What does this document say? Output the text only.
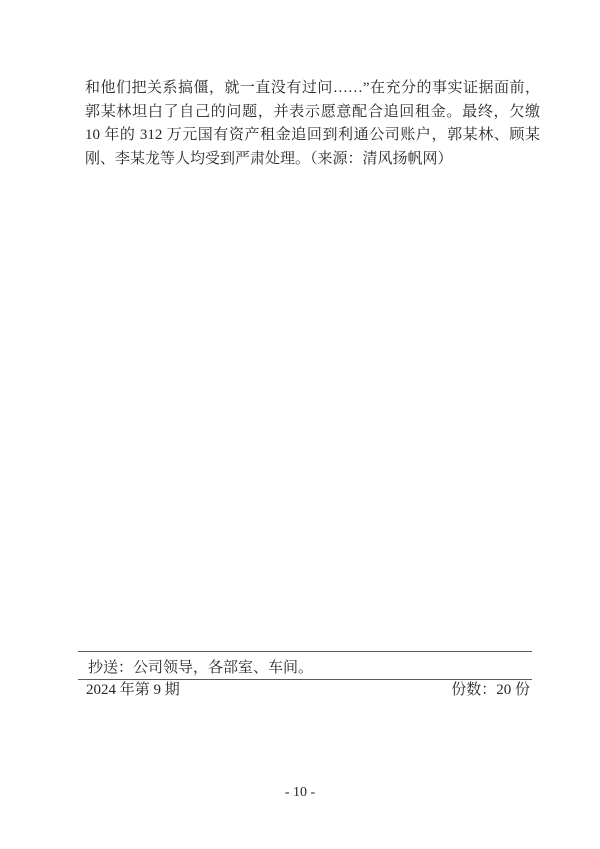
和他们把关系搞僵，就一直没有过问……”在充分的事实证据面前，
郭某林坦白了自己的问题，并表示愿意配合追回租金。最终，欠缴
10 年的 312 万元国有资产租金追回到利通公司账户，郭某林、顾某
刚、李某龙等人均受到严肃处理。（来源：清风扬帆网）
抄送：公司领导，各部室、车间。
2024 年第 9 期	份数：20 份
- 10 -
